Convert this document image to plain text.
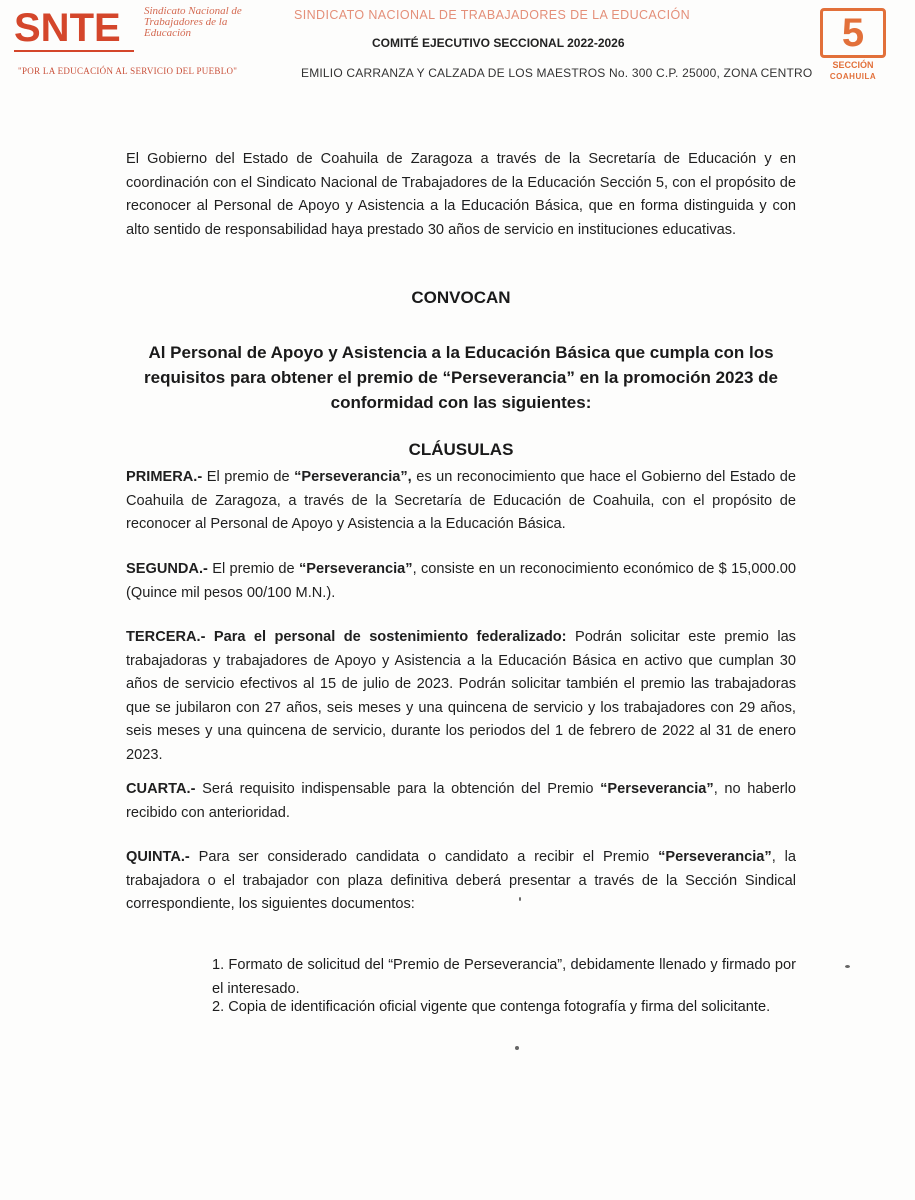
SNTE Sindicato Nacional de Trabajadores de la Educación
"POR LA EDUCACIÓN AL SERVICIO DEL PUEBLO"
SINDICATO NACIONAL DE TRABAJADORES DE LA EDUCACIÓN
COMITÉ EJECUTIVO SECCIONAL 2022-2026
EMILIO CARRANZA Y CALZADA DE LOS MAESTROS No. 300 C.P. 25000, ZONA CENTRO
5
SECCIÓN
COAHUILA
El Gobierno del Estado de Coahuila de Zaragoza a través de la Secretaría de Educación y en coordinación con el Sindicato Nacional de Trabajadores de la Educación Sección 5, con el propósito de reconocer al Personal de Apoyo y Asistencia a la Educación Básica, que en forma distinguida y con alto sentido de responsabilidad haya prestado 30 años de servicio en instituciones educativas.
CONVOCAN
Al Personal de Apoyo y Asistencia a la Educación Básica que cumpla con los requisitos para obtener el premio de “Perseverancia” en la promoción 2023 de conformidad con las siguientes:
CLÁUSULAS
PRIMERA.- El premio de “Perseverancia”, es un reconocimiento que hace el Gobierno del Estado de Coahuila de Zaragoza, a través de la Secretaría de Educación de Coahuila, con el propósito de reconocer al Personal de Apoyo y Asistencia a la Educación Básica.
SEGUNDA.- El premio de “Perseverancia”, consiste en un reconocimiento económico de $ 15,000.00 (Quince mil pesos 00/100 M.N.).
TERCERA.- Para el personal de sostenimiento federalizado: Podrán solicitar este premio las trabajadoras y trabajadores de Apoyo y Asistencia a la Educación Básica en activo que cumplan 30 años de servicio efectivos al 15 de julio de 2023. Podrán solicitar también el premio las trabajadoras que se jubilaron con 27 años, seis meses y una quincena de servicio y los trabajadores con 29 años, seis meses y una quincena de servicio, durante los periodos del 1 de febrero de 2022 al 31 de enero 2023.
CUARTA.- Será requisito indispensable para la obtención del Premio “Perseverancia”, no haberlo recibido con anterioridad.
QUINTA.- Para ser considerado candidata o candidato a recibir el Premio “Perseverancia”, la trabajadora o el trabajador con plaza definitiva deberá presentar a través de la Sección Sindical correspondiente, los siguientes documentos:
1. Formato de solicitud del “Premio de Perseverancia”, debidamente llenado y firmado por el interesado.
2. Copia de identificación oficial vigente que contenga fotografía y firma del solicitante.
